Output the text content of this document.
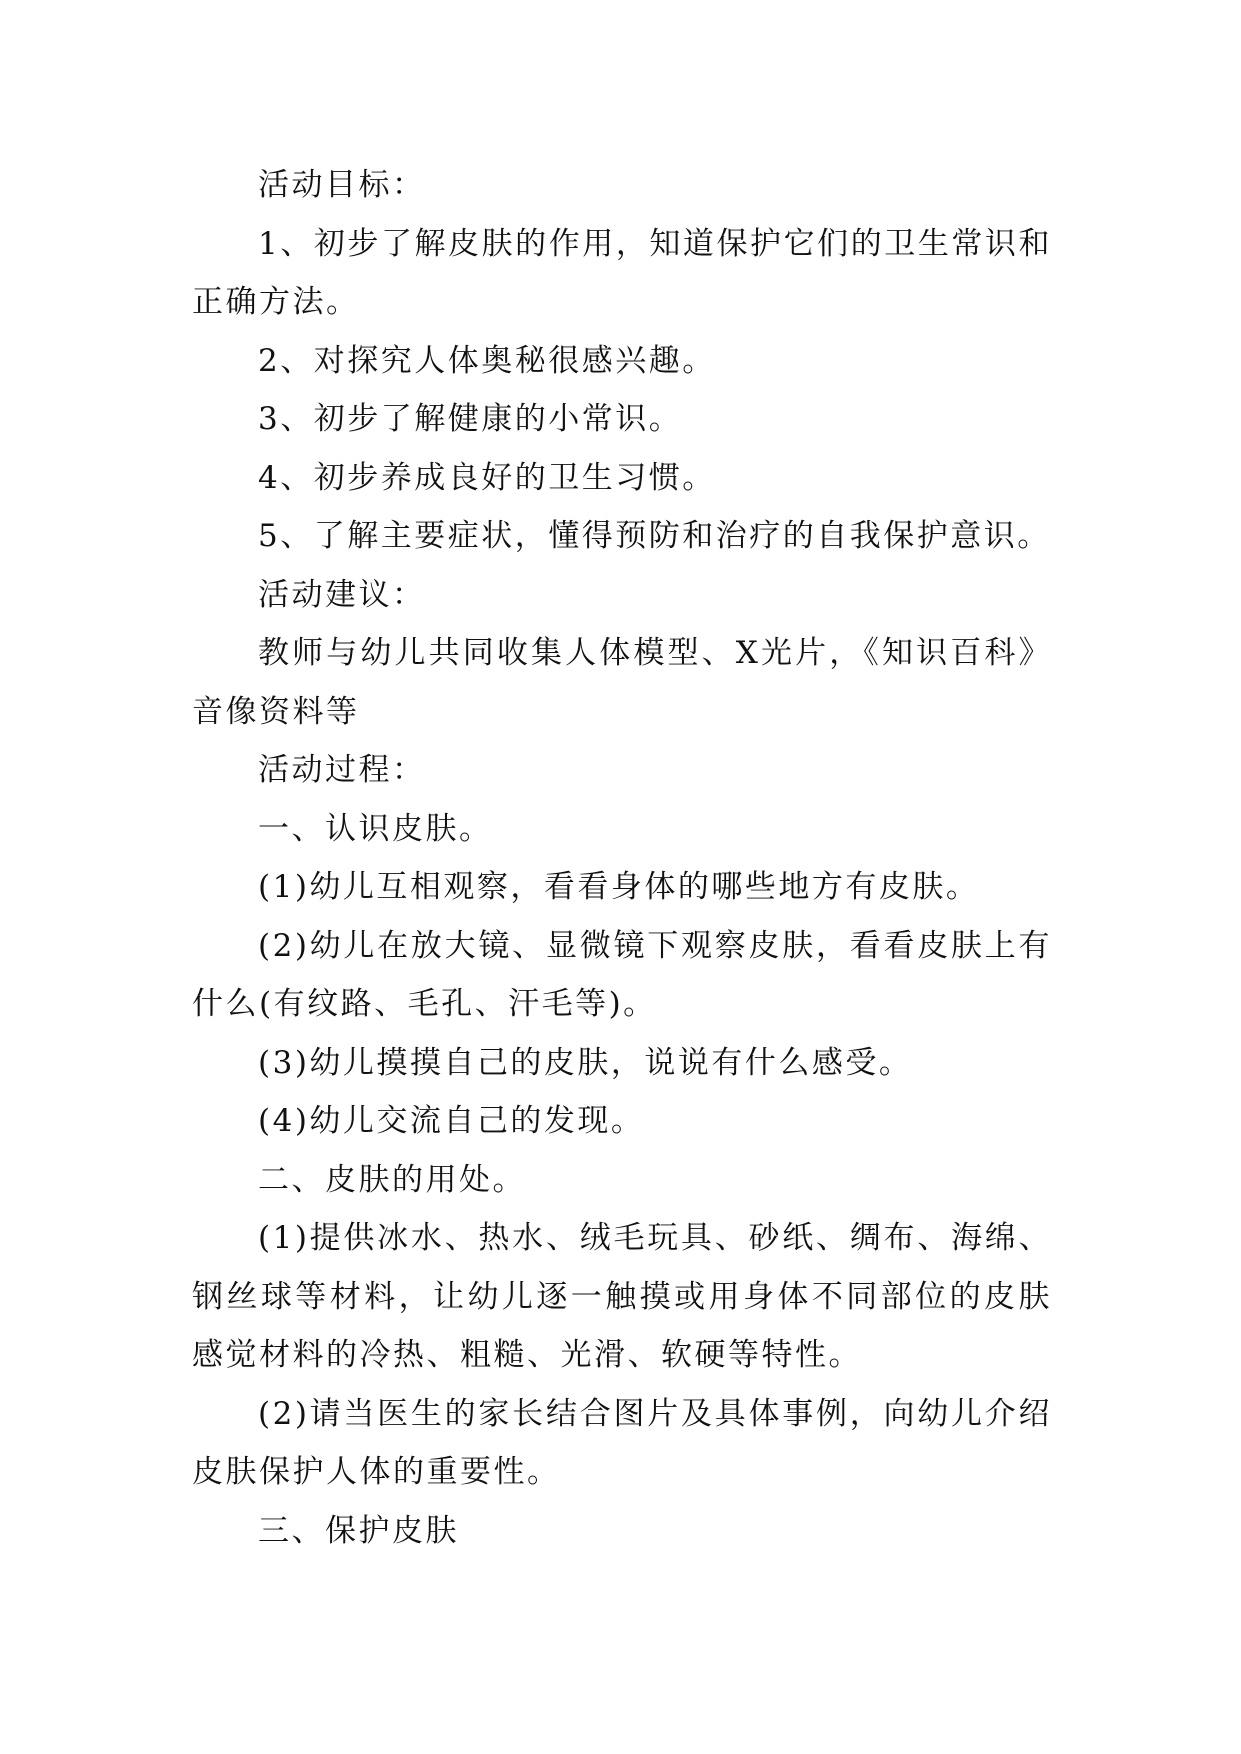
活动目标：

1、初步了解皮肤的作用，知道保护它们的卫生常识和正确方法。

2、对探究人体奥秘很感兴趣。

3、初步了解健康的小常识。

4、初步养成良好的卫生习惯。

5、了解主要症状，懂得预防和治疗的自我保护意识。

活动建议：

教师与幼儿共同收集人体模型、X光片，《知识百科》音像资料等

活动过程：

一、认识皮肤。

(1)幼儿互相观察，看看身体的哪些地方有皮肤。

(2)幼儿在放大镜、显微镜下观察皮肤，看看皮肤上有什么(有纹路、毛孔、汗毛等)。

(3)幼儿摸摸自己的皮肤，说说有什么感受。

(4)幼儿交流自己的发现。

二、皮肤的用处。

(1)提供冰水、热水、绒毛玩具、砂纸、绸布、海绵、钢丝球等材料，让幼儿逐一触摸或用身体不同部位的皮肤感觉材料的冷热、粗糙、光滑、软硬等特性。

(2)请当医生的家长结合图片及具体事例，向幼儿介绍皮肤保护人体的重要性。

三、保护皮肤
